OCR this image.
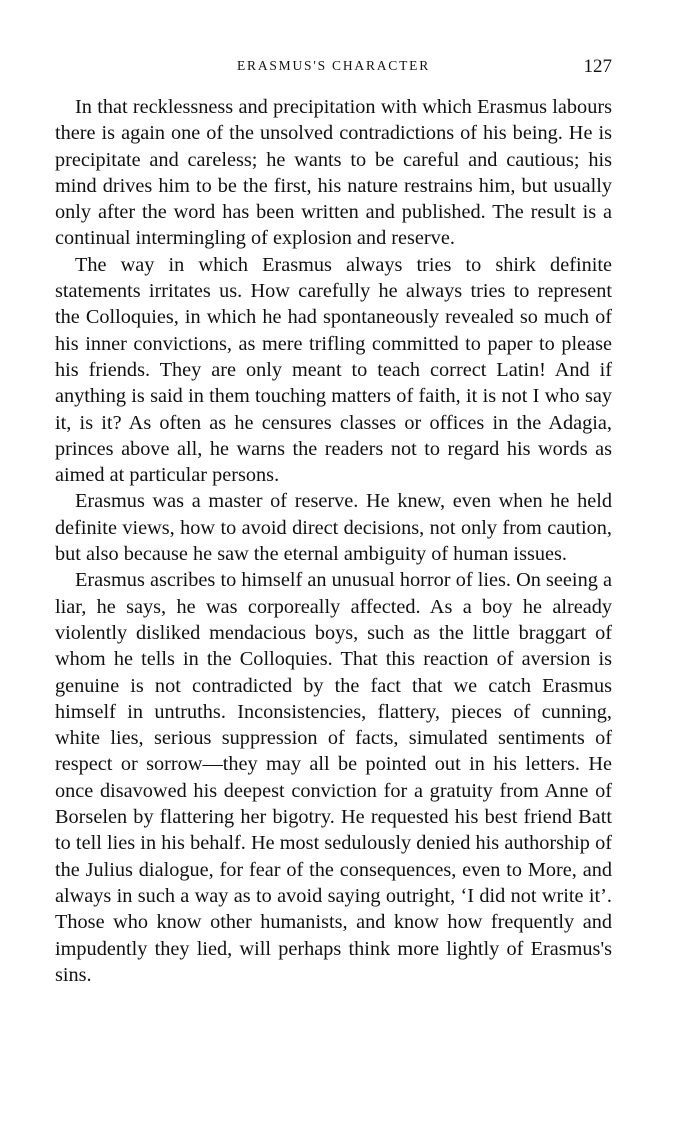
ERASMUS'S CHARACTER	127

In that recklessness and precipitation with which Erasmus labours there is again one of the unsolved contradictions of his being. He is precipitate and careless; he wants to be careful and cautious; his mind drives him to be the first, his nature restrains him, but usually only after the word has been written and published. The result is a continual intermingling of explosion and reserve.

The way in which Erasmus always tries to shirk definite statements irritates us. How carefully he always tries to represent the Colloquies, in which he had spontaneously revealed so much of his inner convictions, as mere trifling committed to paper to please his friends. They are only meant to teach correct Latin! And if anything is said in them touching matters of faith, it is not I who say it, is it? As often as he censures classes or offices in the Adagia, princes above all, he warns the readers not to regard his words as aimed at particular persons.

Erasmus was a master of reserve. He knew, even when he held definite views, how to avoid direct decisions, not only from caution, but also because he saw the eternal ambiguity of human issues.

Erasmus ascribes to himself an unusual horror of lies. On seeing a liar, he says, he was corporeally affected. As a boy he already violently disliked mendacious boys, such as the little braggart of whom he tells in the Colloquies. That this reaction of aversion is genuine is not contradicted by the fact that we catch Erasmus himself in untruths. Inconsistencies, flattery, pieces of cunning, white lies, serious suppression of facts, simulated sentiments of respect or sorrow—they may all be pointed out in his letters. He once disavowed his deepest conviction for a gratuity from Anne of Borselen by flattering her bigotry. He requested his best friend Batt to tell lies in his behalf. He most sedulously denied his authorship of the Julius dialogue, for fear of the consequences, even to More, and always in such a way as to avoid saying outright, ‘I did not write it’. Those who know other humanists, and know how frequently and impudently they lied, will perhaps think more lightly of Erasmus's sins.
